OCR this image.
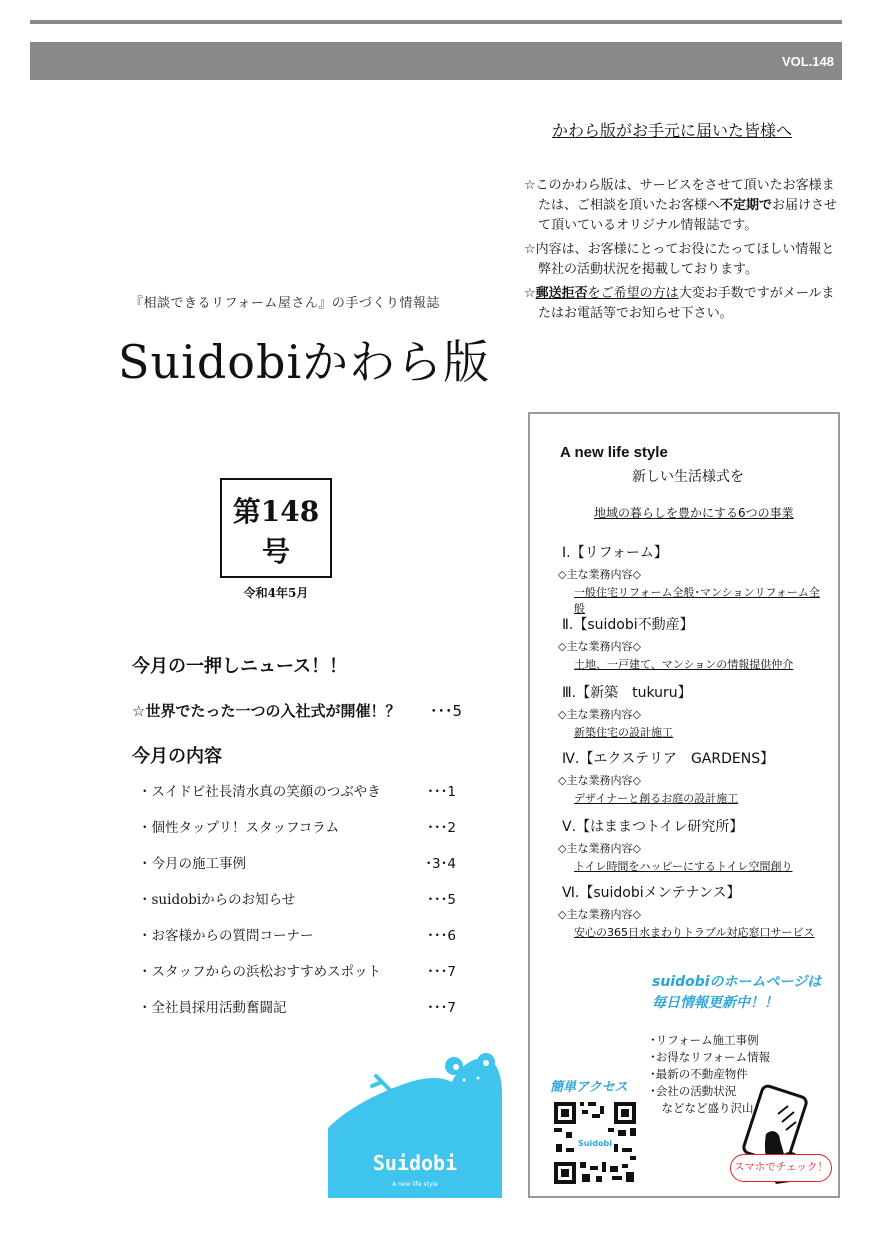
VOL.148
かわら版がお手元に届いた皆様へ

☆このかわら版は、サービスをさせて頂いたお客様または、ご相談を頂いたお客様へ不定期でお届けさせて頂いているオリジナル情報誌です。

☆内容は、お客様にとってお役にたってほしい情報と弊社の活動状況を掲載しております。

☆郵送拒否をご希望の方は大変お手数ですがメールまたはお電話等でお知らせ下さい。

『相談できるリフォーム屋さん』の手づくり情報誌
Suidobiかわら版
第148号
令和4年5月
今月の一押しニュース！！
☆世界でたった一つの入社式が開催！？ ･･･5
今月の内容
・スイドビ社長清水真の笑顔のつぶやき	･･･1
・個性タップリ！スタッフコラム	･･･2
・今月の施工事例	･3･4
・suidobiからのお知らせ	･･･5
・お客様からの質問コーナー	･･･6
・スタッフからの浜松おすすめスポット	･･･7
・全社員採用活動奮闘記	･･･7
Suidobi
A new life style
A new life style
新しい生活様式を
地域の暮らしを豊かにする6つの事業
Ⅰ.【リフォーム】
◇主な業務内容◇
一般住宅リフォーム全般･マンションリフォーム全般
Ⅱ.【suidobi不動産】
◇主な業務内容◇
土地、一戸建て、マンションの情報提供仲介
Ⅲ.【新築　tukuru】
◇主な業務内容◇
新築住宅の設計施工
Ⅳ.【エクステリア　GARDENS】
◇主な業務内容◇
デザイナーと創るお庭の設計施工
Ⅴ.【はままつトイレ研究所】
◇主な業務内容◇
トイレ時間をハッピーにするトイレ空間創り
Ⅵ.【suidobiメンテナンス】
◇主な業務内容◇
安心の365日水まわりトラブル対応窓口サービス
suidobiのホームページは
毎日情報更新中！！
･リフォーム施工事例
･お得なリフォーム情報
･最新の不動産物件
･会社の活動状況
　などなど盛り沢山
簡単アクセス
Suidobi
スマホでチェック！
